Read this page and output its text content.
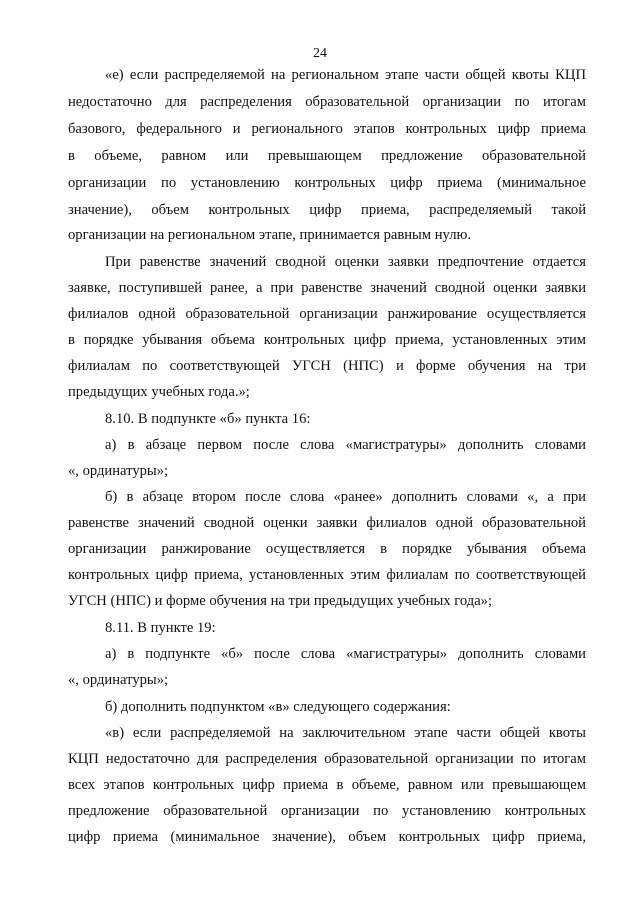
24
«е) если распределяемой на региональном этапе части общей квоты КЦП
недостаточно для распределения образовательной организации по итогам
базового, федерального и регионального этапов контрольных цифр приема
в объеме, равном или превышающем предложение образовательной
организации по установлению контрольных цифр приема (минимальное
значение), объем контрольных цифр приема, распределяемый такой
организации на региональном этапе, принимается равным нулю.
При равенстве значений сводной оценки заявки предпочтение отдается
заявке, поступившей ранее, а при равенстве значений сводной оценки заявки
филиалов одной образовательной организации ранжирование осуществляется
в порядке убывания объема контрольных цифр приема, установленных этим
филиалам по соответствующей УГСН (НПС) и форме обучения на три
предыдущих учебных года.»;
8.10. В подпункте «б» пункта 16:
а) в абзаце первом после слова «магистратуры» дополнить словами
«, ординатуры»;
б) в абзаце втором после слова «ранее» дополнить словами «, а при
равенстве значений сводной оценки заявки филиалов одной образовательной
организации ранжирование осуществляется в порядке убывания объема
контрольных цифр приема, установленных этим филиалам по соответствующей
УГСН (НПС) и форме обучения на три предыдущих учебных года»;
8.11. В пункте 19:
а) в подпункте «б» после слова «магистратуры» дополнить словами
«, ординатуры»;
б) дополнить подпунктом «в» следующего содержания:
«в) если распределяемой на заключительном этапе части общей квоты
КЦП недостаточно для распределения образовательной организации по итогам
всех этапов контрольных цифр приема в объеме, равном или превышающем
предложение образовательной организации по установлению контрольных
цифр приема (минимальное значение), объем контрольных цифр приема,
